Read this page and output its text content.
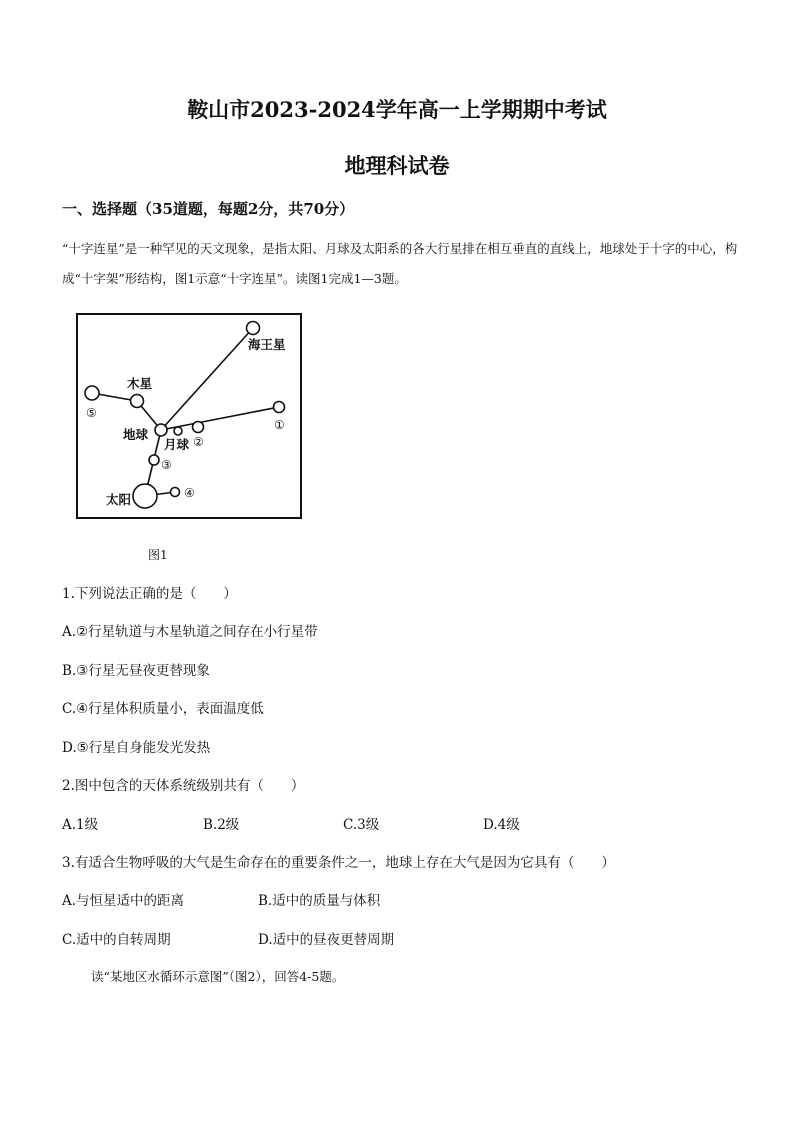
鞍山市2023-2024学年高一上学期期中考试
地理科试卷
一、选择题（35道题，每题2分，共70分）
“十字连星”是一种罕见的天文现象，是指太阳、月球及太阳系的各大行星排在相互垂直的直线上，地球处于十字的中心，构成“十字架”形结构，图1示意“十字连星”。读图1完成1—3题。
海王星
木星
地球
月球
太阳
⑤
①
②
③
④
图1
1.下列说法正确的是（　　）
A.②行星轨道与木星轨道之间存在小行星带
B.③行星无昼夜更替现象
C.④行星体积质量小，表面温度低
D.⑤行星自身能发光发热
2.图中包含的天体系统级别共有（　　）
A.1级	B.2级	C.3级	D.4级
3.有适合生物呼吸的大气是生命存在的重要条件之一，地球上存在大气是因为它具有（　　）
A.与恒星适中的距离	B.适中的质量与体积
C.适中的自转周期	D.适中的昼夜更替周期
读“某地区水循环示意图”（图2），回答4-5题。
